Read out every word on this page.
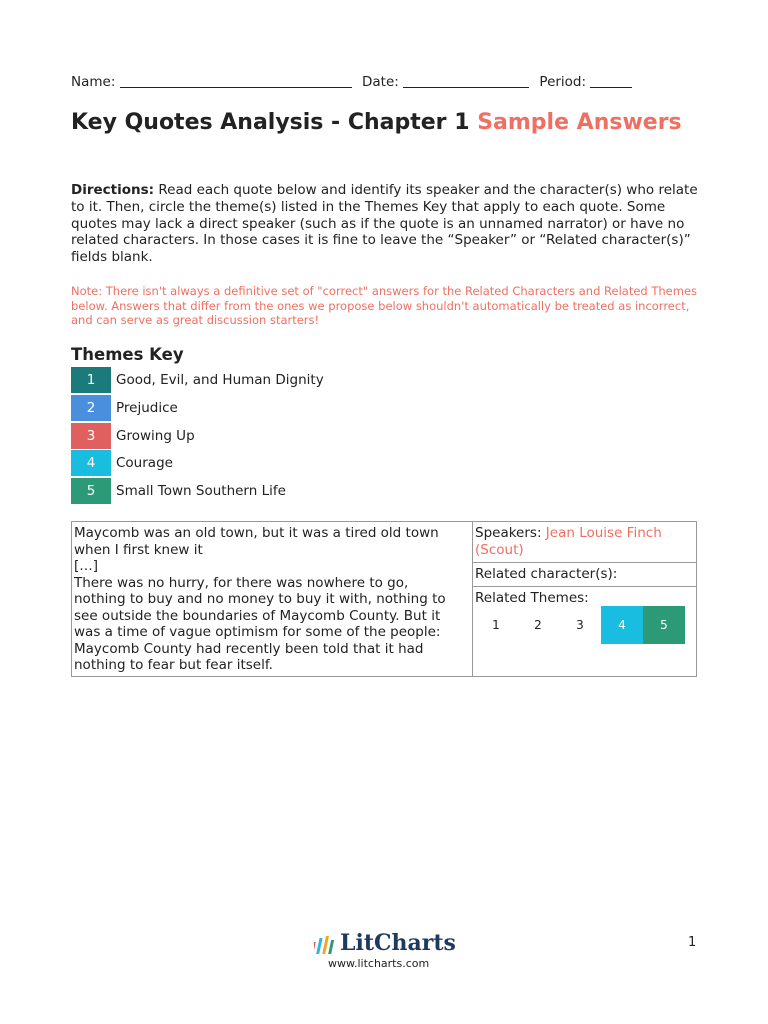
Name:	Date:	Period:
Key Quotes Analysis - Chapter 1 Sample Answers
Directions: Read each quote below and identify its speaker and the character(s) who relate to it. Then, circle the theme(s) listed in the Themes Key that apply to each quote. Some quotes may lack a direct speaker (such as if the quote is an unnamed narrator) or have no related characters. In those cases it is fine to leave the “Speaker” or “Related character(s)” fields blank.
Note: There isn't always a definitive set of "correct" answers for the Related Characters and Related Themes below. Answers that differ from the ones we propose below shouldn't automatically be treated as incorrect, and can serve as great discussion starters!
Themes Key
1	Good, Evil, and Human Dignity
2	Prejudice
3	Growing Up
4	Courage
5	Small Town Southern Life
Maycomb was an old town, but it was a tired old town
when I first knew it
[…]
There was no hurry, for there was nowhere to go,
nothing to buy and no money to buy it with, nothing to
see outside the boundaries of Maycomb County. But it
was a time of vague optimism for some of the people:
Maycomb County had recently been told that it had
nothing to fear but fear itself.
Speakers: Jean Louise Finch (Scout)
Related character(s):
Related Themes:
1	2	3	4	5
LitCharts
www.litcharts.com
1
